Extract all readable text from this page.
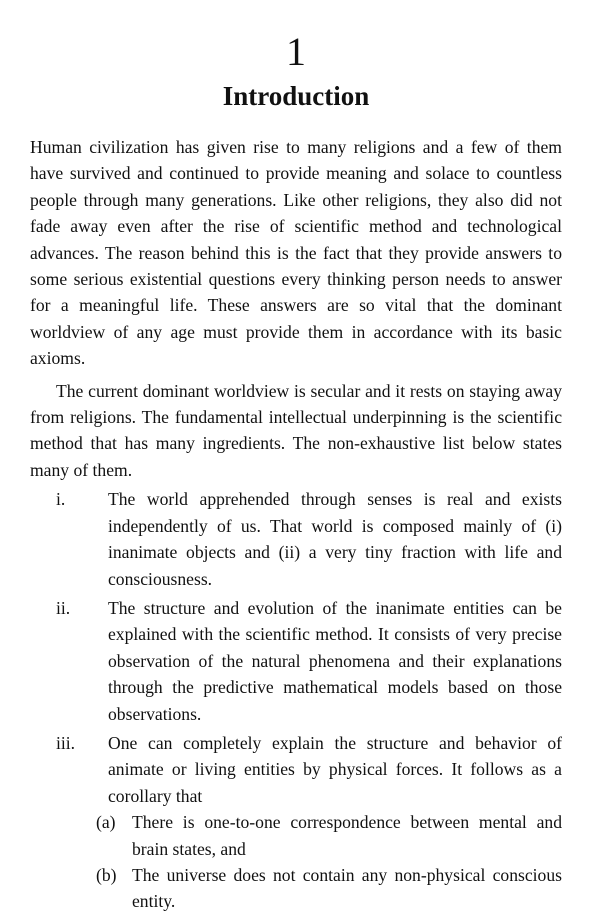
1
Introduction

Human civilization has given rise to many religions and a few of them have survived and continued to provide meaning and solace to countless people through many generations. Like other religions, they also did not fade away even after the rise of scientific method and technological advances. The reason behind this is the fact that they provide answers to some serious existential questions every thinking person needs to answer for a meaningful life. These answers are so vital that the dominant worldview of any age must provide them in accordance with its basic axioms.

The current dominant worldview is secular and it rests on staying away from religions. The fundamental intellectual underpinning is the scientific method that has many ingredients. The non-exhaustive list below states many of them.

i.	The world apprehended through senses is real and exists independently of us. That world is composed mainly of (i) inanimate objects and (ii) a very tiny fraction with life and consciousness.
ii.	The structure and evolution of the inanimate entities can be explained with the scientific method. It consists of very precise observation of the natural phenomena and their explanations through the predictive mathematical models based on those observations.
iii.	One can completely explain the structure and behavior of animate or living entities by physical forces. It follows as a corollary that
(a) There is one-to-one correspondence between mental and brain states, and
(b) The universe does not contain any non-physical conscious entity.
